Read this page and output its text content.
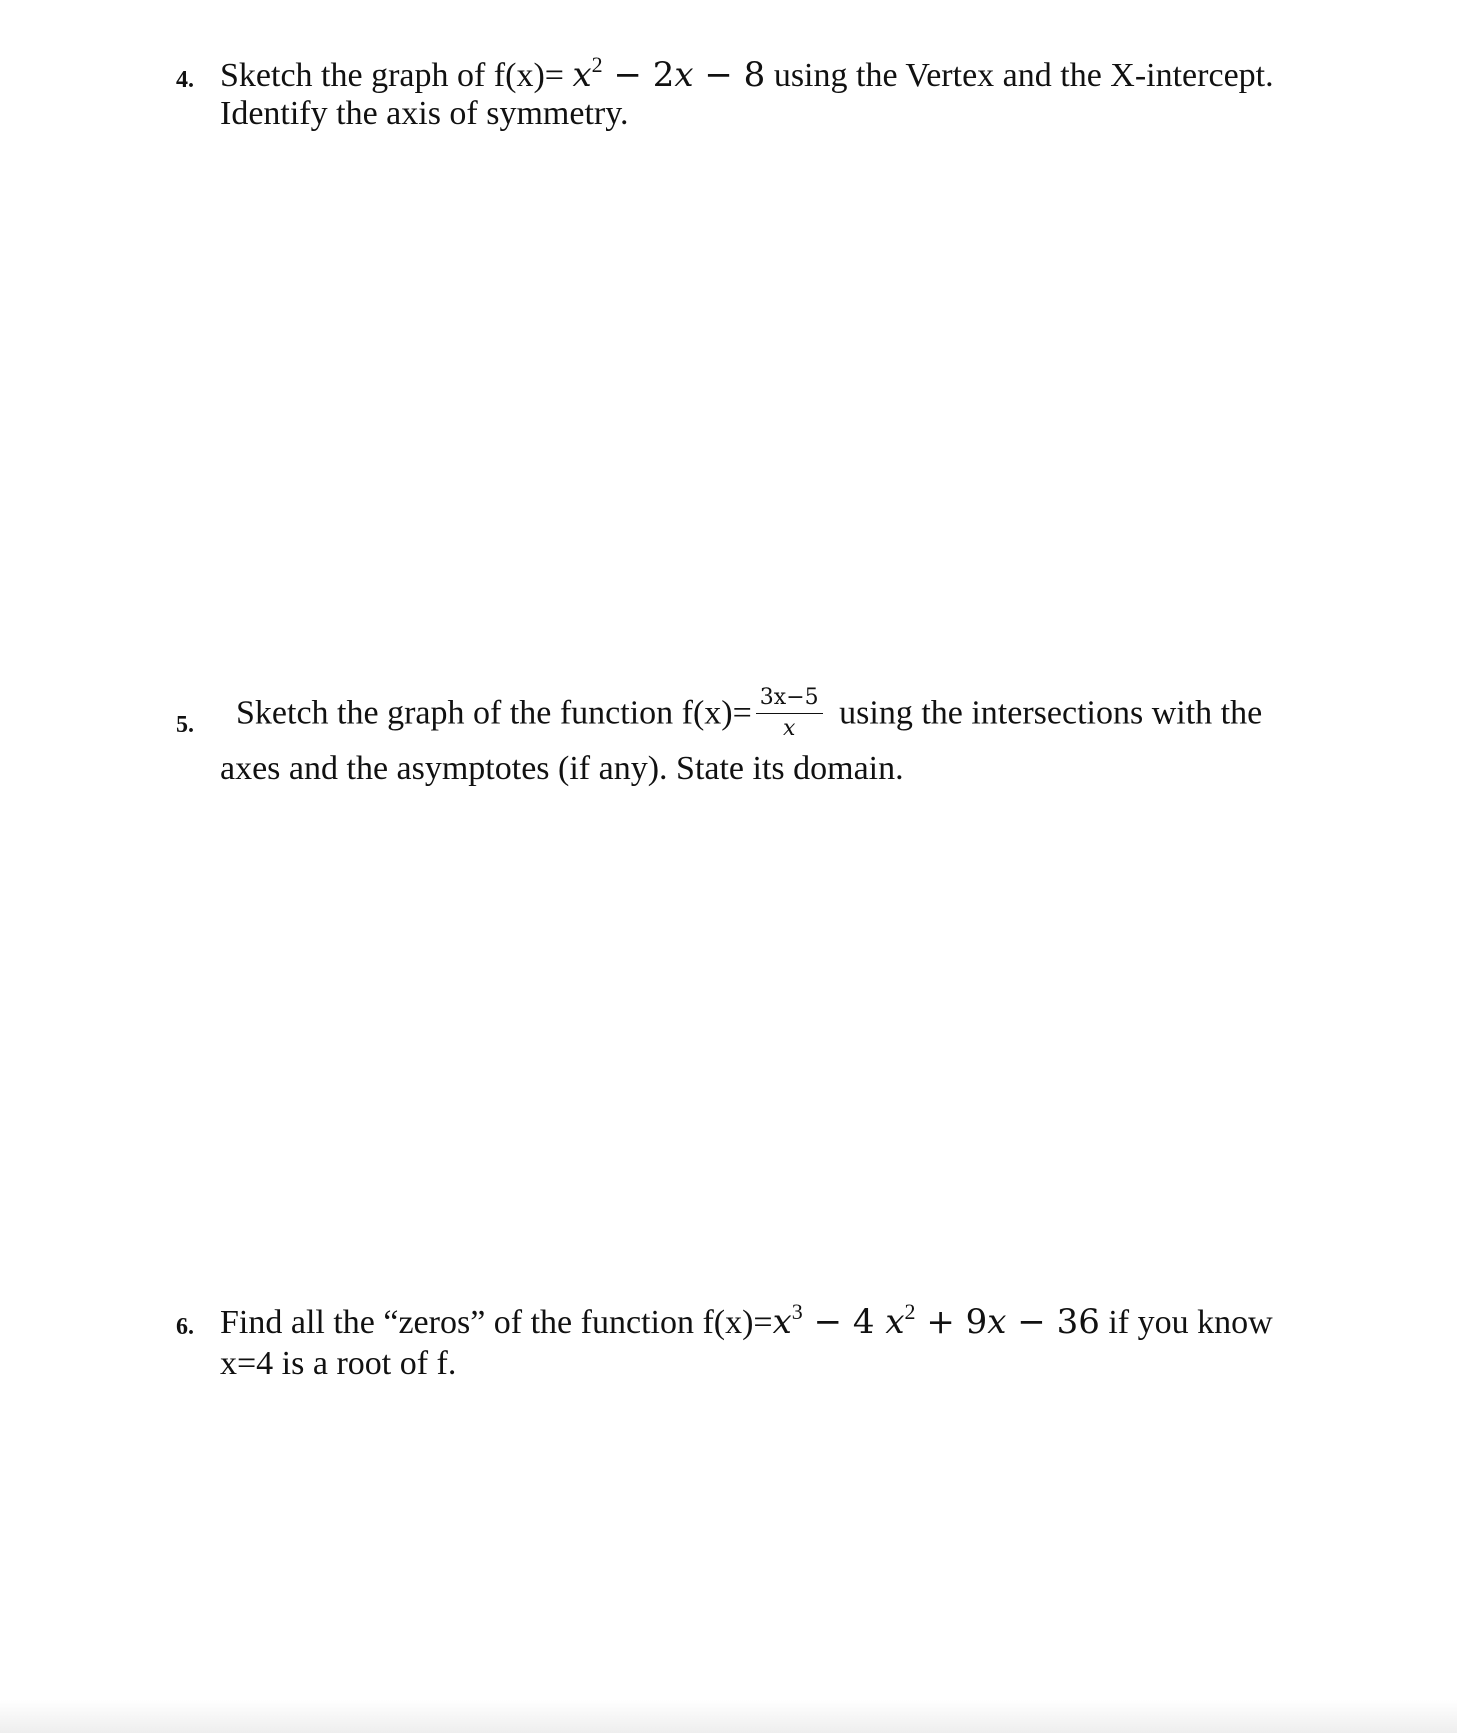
4. Sketch the graph of $f(x)= x^2 - 2x - 8$ using the Vertex and the X-intercept.
Identify the axis of symmetry.
5. Sketch the graph of the function $f(x)= \frac{3x-5}{x}$ using the intersections with the
axes and the asymptotes (if any). State its domain.
6. Find all the “zeros” of the function $f(x)=x^3 - 4$ $x^2 + 9x - 36$ if you know
x=4 is a root of f.
